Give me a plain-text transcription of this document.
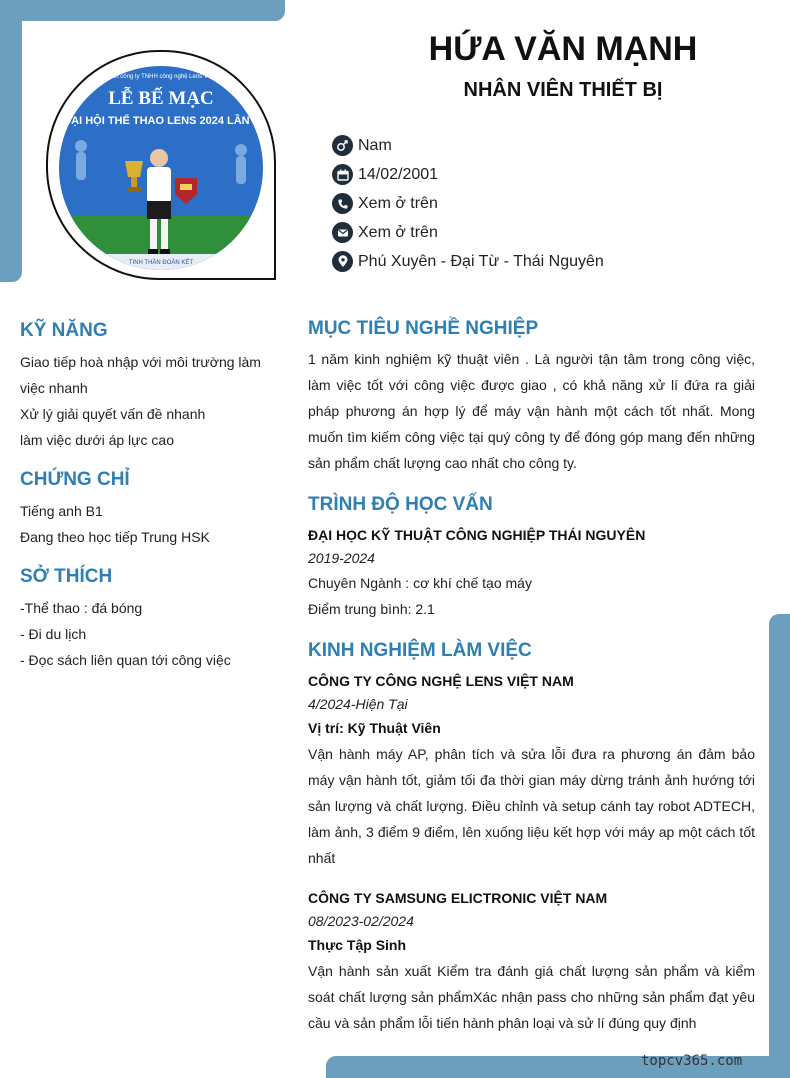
Ban công ty TNHH công nghệ Lens Việt
LỄ BẾ MẠC
ĐẠI HỘI THỂ THAO LENS 2024 LẦN 2
TINH THẦN ĐOÀN KẾT
HỨA VĂN MẠNH
NHÂN VIÊN THIẾT BỊ
Nam
14/02/2001
Xem ở trên
Xem ở trên
Phú Xuyên - Đại Từ - Thái Nguyên
KỸ NĂNG

Giao tiếp hoà nhập với môi trường làm việc nhanh

Xử lý giải quyết vấn đề nhanh

làm việc dưới áp lực cao

CHỨNG CHỈ

Tiếng anh B1

Đang theo học tiếp Trung HSK

SỞ THÍCH

-Thể thao : đá bóng

- Đi du lịch

- Đọc sách liên quan tới công việc

MỤC TIÊU NGHỀ NGHIỆP

1 năm kinh nghiệm kỹ thuật viên . Là người tận tâm trong công việc, làm việc tốt với công việc được giao , có khả năng xử lí đứa ra giải pháp phương án hợp lý để máy vận hành một cách tốt nhất. Mong muốn tìm kiếm công việc tại quý công ty để đóng góp mang đến những sản phẩm chất lượng cao nhất cho công ty.

TRÌNH ĐỘ HỌC VẤN

ĐẠI HỌC KỸ THUẬT CÔNG NGHIỆP THÁI NGUYÊN

2019-2024

Chuyên Ngành : cơ khí chế tạo máy

Điểm trung bình: 2.1

KINH NGHIỆM LÀM VIỆC

CÔNG TY CÔNG NGHỆ LENS VIỆT NAM

4/2024-Hiện Tại

Vị trí: Kỹ Thuật Viên

Vận hành máy AP, phân tích và sửa lỗi đưa ra phương án đảm bảo máy vận hành tốt, giảm tối đa thời gian máy dừng tránh ảnh hướng tới sản lượng và chất lượng. Điều chỉnh và setup cánh tay robot ADTECH, làm ảnh, 3 điểm 9 điểm, lên xuống liệu kết hợp với máy ap một cách tốt nhất

CÔNG TY SAMSUNG ELICTRONIC VIỆT NAM

08/2023-02/2024

Thực Tập Sinh

Vận hành sản xuất Kiểm tra đánh giá chất lượng sản phẩm và kiểm soát chất lượng sản phẩmXác nhận pass cho những sản phẩm đạt yêu cầu và sản phẩm lỗi tiến hành phân loại và sử lí đúng quy định

topcv365.com
